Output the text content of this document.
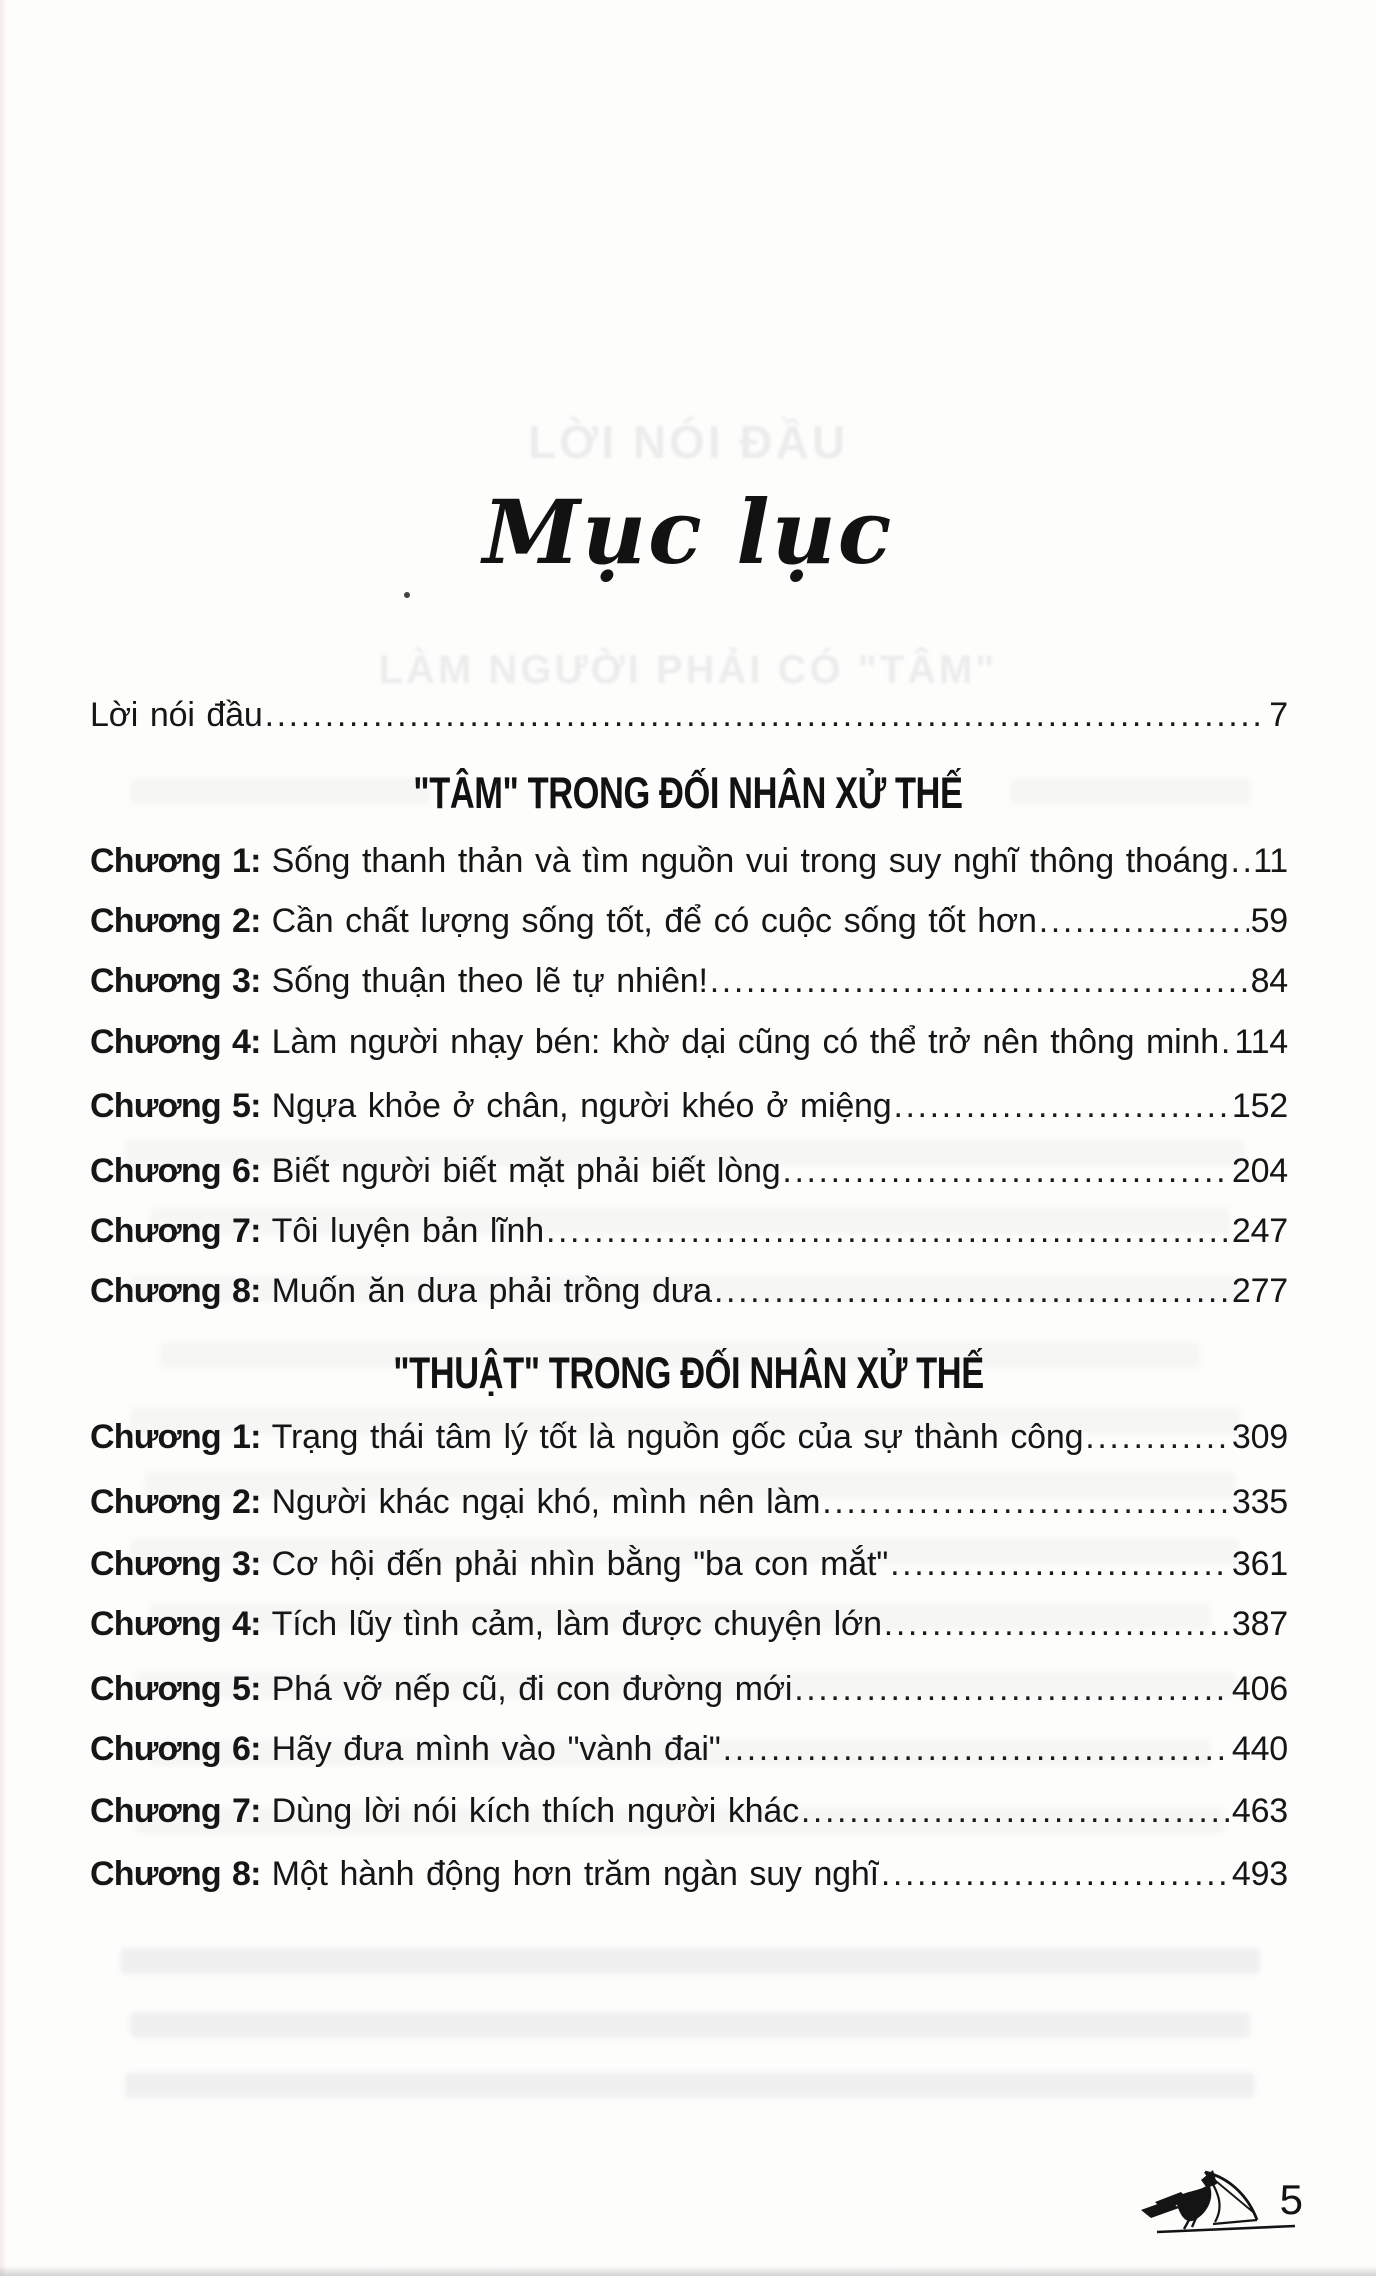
LỜI NÓI ĐẦU
LÀM NGƯỜI PHẢI CÓ "TÂM"
Mục lục
Lời nói đầu .....	7
"TÂM" TRONG ĐỐI NHÂN XỬ THẾ
Chương 1: Sống thanh thản và tìm nguồn vui trong suy nghĩ thông thoáng ..... 11
Chương 2: Cần chất lượng sống tốt, để có cuộc sống tốt hơn .....	59
Chương 3: Sống thuận theo lẽ tự nhiên! .....	84
Chương 4: Làm người nhạy bén: khờ dại cũng có thể trở nên thông minh ..... 114
Chương 5: Ngựa khỏe ở chân, người khéo ở miệng .....	152
Chương 6: Biết người biết mặt phải biết lòng .....	204
Chương 7: Tôi luyện bản lĩnh .....	247
Chương 8: Muốn ăn dưa phải trồng dưa .....	277
"THUẬT" TRONG ĐỐI NHÂN XỬ THẾ
Chương 1: Trạng thái tâm lý tốt là nguồn gốc của sự thành công .....	309
Chương 2: Người khác ngại khó, mình nên làm .....	335
Chương 3: Cơ hội đến phải nhìn bằng "ba con mắt" .....	361
Chương 4: Tích lũy tình cảm, làm được chuyện lớn .....	387
Chương 5: Phá vỡ nếp cũ, đi con đường mới .....	406
Chương 6: Hãy đưa mình vào "vành đai" .....	440
Chương 7: Dùng lời nói kích thích người khác .....	463
Chương 8: Một hành động hơn trăm ngàn suy nghĩ .....	493
5
